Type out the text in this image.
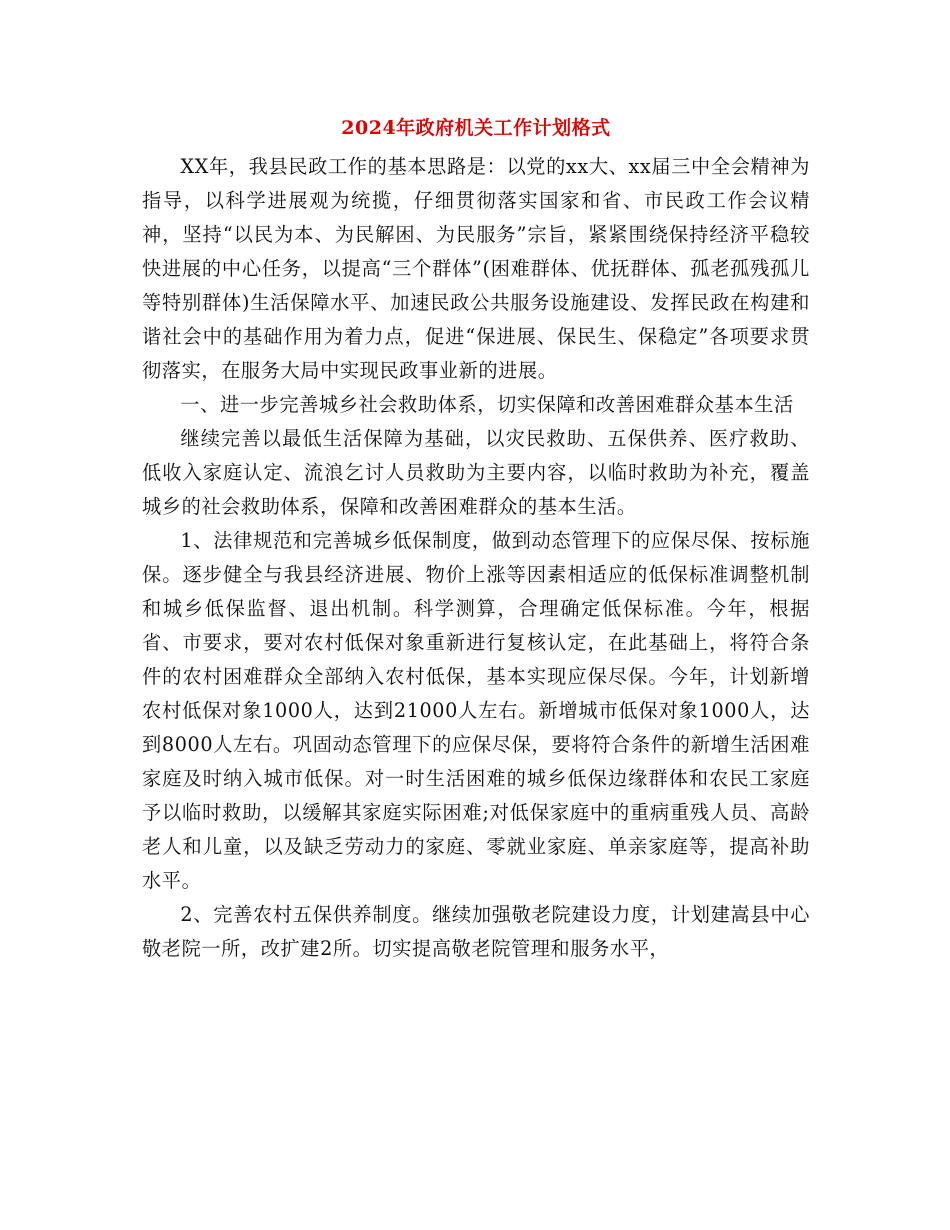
2024年政府机关工作计划格式

XX年，我县民政工作的基本思路是：以党的xx大、xx届三中全会精神为指导，以科学进展观为统揽，仔细贯彻落实国家和省、市民政工作会议精神，坚持“以民为本、为民解困、为民服务”宗旨，紧紧围绕保持经济平稳较快进展的中心任务，以提高“三个群体”(困难群体、优抚群体、孤老孤残孤儿等特别群体)生活保障水平、加速民政公共服务设施建设、发挥民政在构建和谐社会中的基础作用为着力点，促进“保进展、保民生、保稳定”各项要求贯彻落实，在服务大局中实现民政事业新的进展。

一、进一步完善城乡社会救助体系，切实保障和改善困难群众基本生活

继续完善以最低生活保障为基础，以灾民救助、五保供养、医疗救助、低收入家庭认定、流浪乞讨人员救助为主要内容，以临时救助为补充，覆盖城乡的社会救助体系，保障和改善困难群众的基本生活。

1、法律规范和完善城乡低保制度，做到动态管理下的应保尽保、按标施保。逐步健全与我县经济进展、物价上涨等因素相适应的低保标准调整机制和城乡低保监督、退出机制。科学测算，合理确定低保标准。今年，根据省、市要求，要对农村低保对象重新进行复核认定，在此基础上，将符合条件的农村困难群众全部纳入农村低保，基本实现应保尽保。今年，计划新增农村低保对象1000人，达到21000人左右。新增城市低保对象1000人，达到8000人左右。巩固动态管理下的应保尽保，要将符合条件的新增生活困难家庭及时纳入城市低保。对一时生活困难的城乡低保边缘群体和农民工家庭予以临时救助，以缓解其家庭实际困难;对低保家庭中的重病重残人员、高龄老人和儿童，以及缺乏劳动力的家庭、零就业家庭、单亲家庭等，提高补助水平。

2、完善农村五保供养制度。继续加强敬老院建设力度，计划建嵩县中心敬老院一所，改扩建2所。切实提高敬老院管理和服务水平，
